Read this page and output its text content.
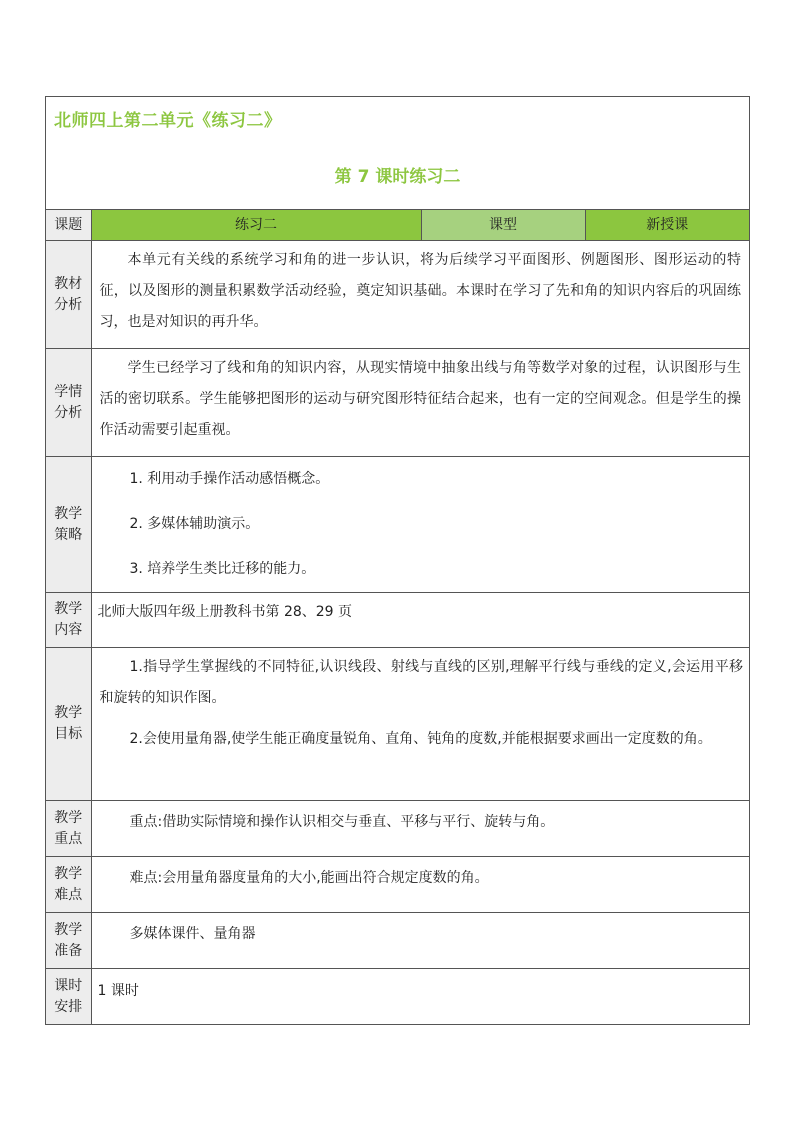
北师四上第二单元《练习二》
第 7 课时练习二
课题	练习二	课型	新授课
教材分析	本单元有关线的系统学习和角的进一步认识，将为后续学习平面图形、例题图形、图形运动的特征，以及图形的测量积累数学活动经验，奠定知识基础。本课时在学习了先和角的知识内容后的巩固练习，也是对知识的再升华。		
学情分析	学生已经学习了线和角的知识内容，从现实情境中抽象出线与角等数学对象的过程，认识图形与生活的密切联系。学生能够把图形的运动与研究图形特征结合起来，也有一定的空间观念。但是学生的操作活动需要引起重视。		
教学策略	1. 利用动手操作活动感悟概念。

2. 多媒体辅助演示。

3. 培养学生类比迁移的能力。		

教学内容	北师大版四年级上册教科书第 28、29 页		
教学目标	1.指导学生掌握线的不同特征,认识线段、射线与直线的区别,理解平行线与垂线的定义,会运用平移和旋转的知识作图。

2.会使用量角器,使学生能正确度量锐角、直角、钝角的度数,并能根据要求画出一定度数的角。		

教学重点	重点:借助实际情境和操作认识相交与垂直、平移与平行、旋转与角。		
教学难点	难点:会用量角器度量角的大小,能画出符合规定度数的角。		
教学准备	多媒体课件、量角器		
课时安排	1 课时		
